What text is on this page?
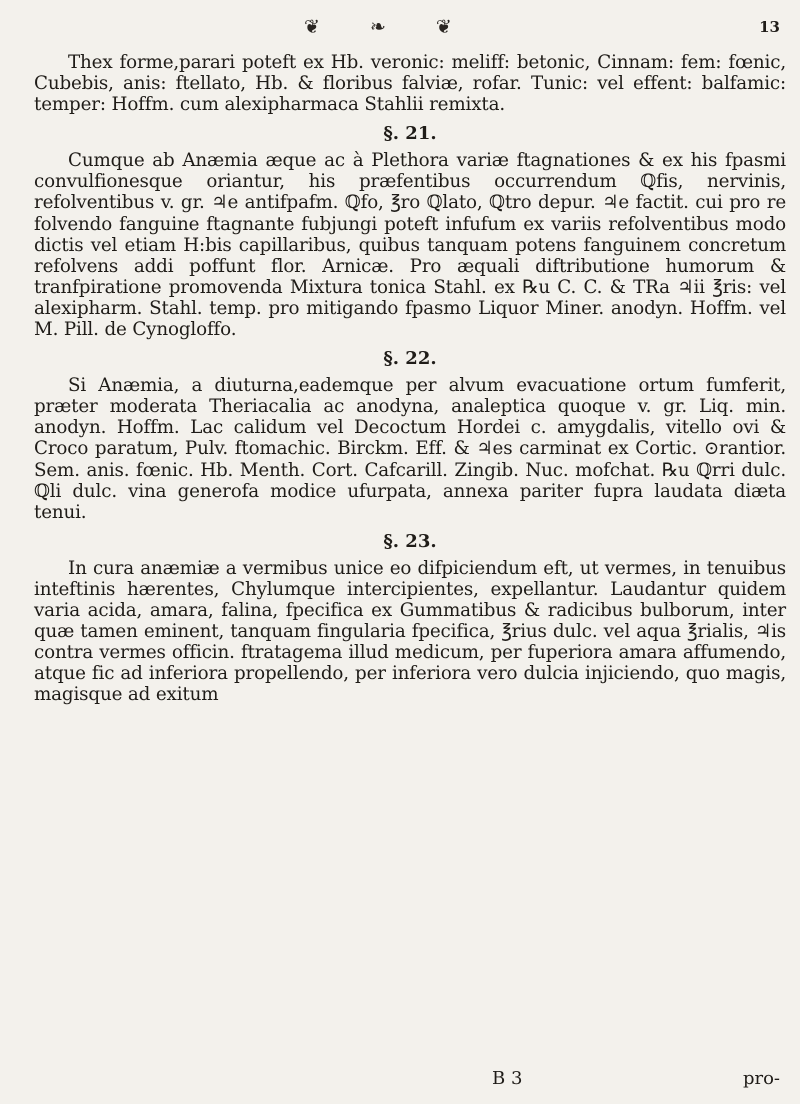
❦ ❧ ❦	13

Thex forme,parari poteft ex Hb. veronic: meliff: betonic, Cinnam: fem: fœnic, Cubebis, anis: ftellato, Hb. & floribus falviæ, rofar. Tunic: vel effent: balfamic: temper: Hoffm. cum alexipharmaca Stahlii remixta.

§. 21.

Cumque ab Anæmia æque ac à Plethora variæ ftagnationes & ex his fpasmi convulfionesque oriantur, his præfentibus occurrendum ℚfis, nervinis, refolventibus v. gr. ♃e antifpafm. ℚfo, ℥ro ℚlato, ℚtro depur. ♃e factit. cui pro re folvendo fanguine ftagnante fubjungi poteft infufum ex variis refolventibus modo dictis vel etiam H:bis capillaribus, quibus tanquam potens fanguinem concretum refolvens addi poffunt flor. Arnicæ. Pro æquali diftributione humorum & tranfpiratione promovenda Mixtura tonica Stahl. ex ℞u C. C. & TRa ♃ii ℥ris: vel alexipharm. Stahl. temp. pro mitigando fpasmo Liquor Miner. anodyn. Hoffm. vel M. Pill. de Cynogloffo.

§. 22.

Si Anæmia, a diuturna,eademque per alvum evacuatione ortum fumferit, præter moderata Theriacalia ac anodyna, analeptica quoque v. gr. Liq. min. anodyn. Hoffm. Lac calidum vel Decoctum Hordei c. amygdalis, vitello ovi & Croco paratum, Pulv. ftomachic. Birckm. Eff. & ♃es carminat ex Cortic. ⊙rantior. Sem. anis. fœnic. Hb. Menth. Cort. Cafcarill. Zingib. Nuc. mofchat. ℞u ℚrri dulc. ℚli dulc. vina generofa modice ufurpata, annexa pariter fupra laudata diæta tenui.

§. 23.

In cura anæmiæ a vermibus unice eo difpiciendum eft, ut vermes, in tenuibus inteftinis hærentes, Chylumque intercipientes, expellantur. Laudantur quidem varia acida, amara, falina, fpecifica ex Gummatibus & radicibus bulborum, inter quæ tamen eminent, tanquam fingularia fpecifica, ℥rius dulc. vel aqua ℥rialis, ♃is contra vermes officin. ftratagema illud medicum, per fuperiora amara affumendo, atque fic ad inferiora propellendo, per inferiora vero dulcia injiciendo, quo magis, magisque ad exitum

B 3	pro-
